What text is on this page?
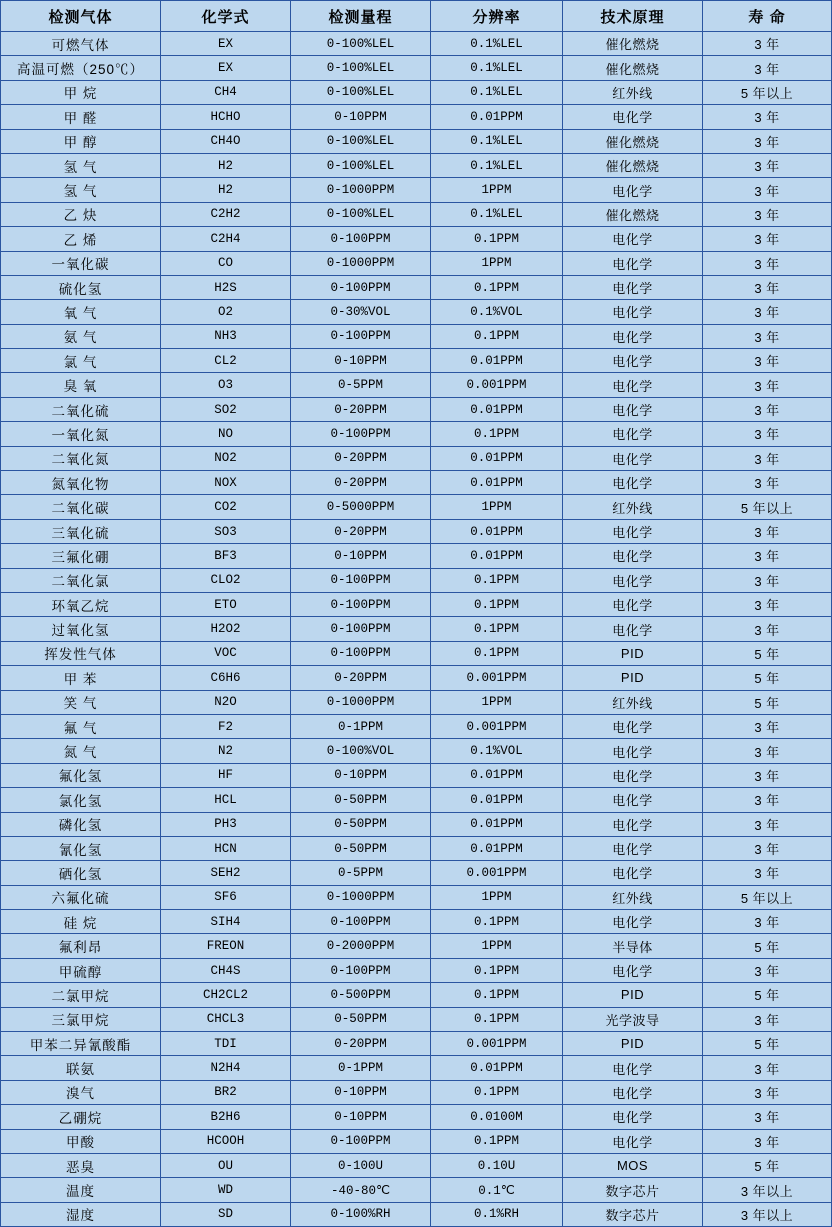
检测气体	化学式	检测量程	分辨率	技术原理	寿 命
可燃气体	EX	0-100%LEL	0.1%LEL	催化燃烧	3 年
高温可燃（250℃）	EX	0-100%LEL	0.1%LEL	催化燃烧	3 年
甲 烷	CH4	0-100%LEL	0.1%LEL	红外线	5 年以上
甲 醛	HCHO	0-10PPM	0.01PPM	电化学	3 年
甲 醇	CH4O	0-100%LEL	0.1%LEL	催化燃烧	3 年
氢 气	H2	0-100%LEL	0.1%LEL	催化燃烧	3 年
氢 气	H2	0-1000PPM	1PPM	电化学	3 年
乙 炔	C2H2	0-100%LEL	0.1%LEL	催化燃烧	3 年
乙 烯	C2H4	0-100PPM	0.1PPM	电化学	3 年
一氧化碳	CO	0-1000PPM	1PPM	电化学	3 年
硫化氢	H2S	0-100PPM	0.1PPM	电化学	3 年
氧 气	O2	0-30%VOL	0.1%VOL	电化学	3 年
氨 气	NH3	0-100PPM	0.1PPM	电化学	3 年
氯 气	CL2	0-10PPM	0.01PPM	电化学	3 年
臭 氧	O3	0-5PPM	0.001PPM	电化学	3 年
二氧化硫	SO2	0-20PPM	0.01PPM	电化学	3 年
一氧化氮	NO	0-100PPM	0.1PPM	电化学	3 年
二氧化氮	NO2	0-20PPM	0.01PPM	电化学	3 年
氮氧化物	NOX	0-20PPM	0.01PPM	电化学	3 年
二氧化碳	CO2	0-5000PPM	1PPM	红外线	5 年以上
三氧化硫	SO3	0-20PPM	0.01PPM	电化学	3 年
三氟化硼	BF3	0-10PPM	0.01PPM	电化学	3 年
二氧化氯	CLO2	0-100PPM	0.1PPM	电化学	3 年
环氧乙烷	ETO	0-100PPM	0.1PPM	电化学	3 年
过氧化氢	H2O2	0-100PPM	0.1PPM	电化学	3 年
挥发性气体	VOC	0-100PPM	0.1PPM	PID	5 年
甲 苯	C6H6	0-20PPM	0.001PPM	PID	5 年
笑 气	N2O	0-1000PPM	1PPM	红外线	5 年
氟 气	F2	0-1PPM	0.001PPM	电化学	3 年
氮 气	N2	0-100%VOL	0.1%VOL	电化学	3 年
氟化氢	HF	0-10PPM	0.01PPM	电化学	3 年
氯化氢	HCL	0-50PPM	0.01PPM	电化学	3 年
磷化氢	PH3	0-50PPM	0.01PPM	电化学	3 年
氰化氢	HCN	0-50PPM	0.01PPM	电化学	3 年
硒化氢	SEH2	0-5PPM	0.001PPM	电化学	3 年
六氟化硫	SF6	0-1000PPM	1PPM	红外线	5 年以上
硅 烷	SIH4	0-100PPM	0.1PPM	电化学	3 年
氟利昂	FREON	0-2000PPM	1PPM	半导体	5 年
甲硫醇	CH4S	0-100PPM	0.1PPM	电化学	3 年
二氯甲烷	CH2CL2	0-500PPM	0.1PPM	PID	5 年
三氯甲烷	CHCL3	0-50PPM	0.1PPM	光学波导	3 年
甲苯二异氰酸酯	TDI	0-20PPM	0.001PPM	PID	5 年
联氨	N2H4	0-1PPM	0.01PPM	电化学	3 年
溴气	BR2	0-10PPM	0.1PPM	电化学	3 年
乙硼烷	B2H6	0-10PPM	0.0100M	电化学	3 年
甲酸	HCOOH	0-100PPM	0.1PPM	电化学	3 年
恶臭	OU	0-100U	0.10U	MOS	5 年
温度	WD	-40-80℃	0.1℃	数字芯片	3 年以上
湿度	SD	0-100%RH	0.1%RH	数字芯片	3 年以上
